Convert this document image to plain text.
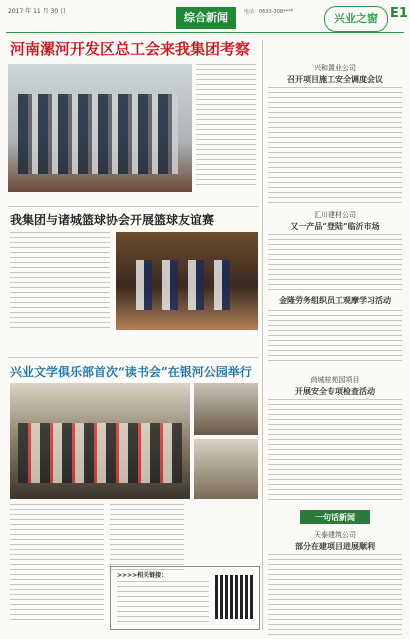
2017 年 11 月 30 日	综合新闻	电话：0633-308****	兴业之窗 E1
河南漯河开发区总工会来我集团考察
我集团与诸城篮球协会开展篮球友谊赛
兴业文学俱乐部首次“读书会”在银河公园举行
>>>>相关链接：
兴和置业公司
召开项目施工安全调度会议
汇川建材公司
又一产品“登陆”临沂市场
金隆劳务组织员工观摩学习活动
尚城桂苑园项目
开展安全专项检查活动
一句话新闻
天泰建筑公司
部分在建项目进展顺利
